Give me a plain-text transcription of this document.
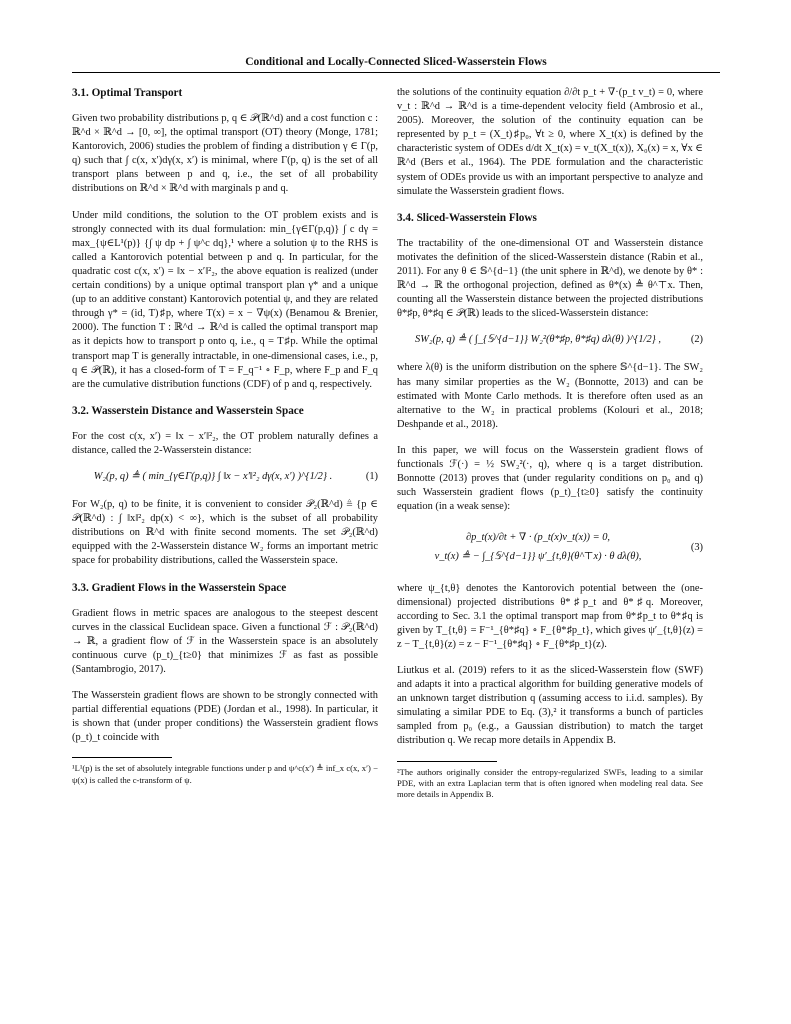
Conditional and Locally-Connected Sliced-Wasserstein Flows
3.1. Optimal Transport

Given two probability distributions p, q ∈ 𝒫(ℝ^d) and a cost function c : ℝ^d × ℝ^d → [0, ∞], the optimal transport (OT) theory (Monge, 1781; Kantorovich, 2006) studies the problem of finding a distribution γ ∈ Γ(p, q) such that ∫ c(x, x′)dγ(x, x′) is minimal, where Γ(p, q) is the set of all transport plans between p and q, i.e., the set of all probability distributions on ℝ^d × ℝ^d with marginals p and q.

Under mild conditions, the solution to the OT problem exists and is strongly connected with its dual formulation: min_{γ∈Γ(p,q)} ∫ c dγ = max_{ψ∈L¹(p)} {∫ ψ dp + ∫ ψ^c dq},¹ where a solution ψ to the RHS is called a Kantorovich potential between p and q. In particular, for the quadratic cost c(x, x′) = ‖x − x′‖²₂, the above equation is realized (under certain conditions) by a unique optimal transport plan γ* and a unique (up to an additive constant) Kantorovich potential ψ, and they are related through γ* = (id, T)♯p, where T(x) = x − ∇ψ(x) (Benamou & Brenier, 2000). The function T : ℝ^d → ℝ^d is called the optimal transport map as it depicts how to transport p onto q, i.e., q = T♯p. While the optimal transport map T is generally intractable, in one-dimensional cases, i.e., p, q ∈ 𝒫(ℝ), it has a closed-form of T = F_q⁻¹ ∘ F_p, where F_p and F_q are the cumulative distribution functions (CDF) of p and q, respectively.

3.2. Wasserstein Distance and Wasserstein Space

For the cost c(x, x′) = ‖x − x′‖²₂, the OT problem naturally defines a distance, called the 2-Wasserstein distance:

W₂(p, q) ≜ ( min_{γ∈Γ(p,q)} ∫ ‖x − x′‖²₂ dγ(x, x′) )^{1/2} .	(1)

For W₂(p, q) to be finite, it is convenient to consider 𝒫₂(ℝ^d) ≜ {p ∈ 𝒫(ℝ^d) : ∫ ‖x‖²₂ dp(x) < ∞}, which is the subset of all probability distributions on ℝ^d with finite second moments. The set 𝒫₂(ℝ^d) equipped with the 2-Wasserstein distance W₂ forms an important metric space for probability distributions, called the Wasserstein space.

3.3. Gradient Flows in the Wasserstein Space

Gradient flows in metric spaces are analogous to the steepest descent curves in the classical Euclidean space. Given a functional ℱ : 𝒫₂(ℝ^d) → ℝ, a gradient flow of ℱ in the Wasserstein space is an absolutely continuous curve (p_t)_{t≥0} that minimizes ℱ as fast as possible (Santambrogio, 2017).

The Wasserstein gradient flows are shown to be strongly connected with partial differential equations (PDE) (Jordan et al., 1998). In particular, it is shown that (under proper conditions) the Wasserstein gradient flows (p_t)_t coincide with

¹L¹(p) is the set of absolutely integrable functions under p and ψ^c(x′) ≜ inf_x c(x, x′) − ψ(x) is called the c-transform of ψ.

the solutions of the continuity equation ∂/∂t p_t + ∇·(p_t v_t) = 0, where v_t : ℝ^d → ℝ^d is a time-dependent velocity field (Ambrosio et al., 2005). Moreover, the solution of the continuity equation can be represented by p_t = (X_t)♯p₀, ∀t ≥ 0, where X_t(x) is defined by the characteristic system of ODEs d/dt X_t(x) = v_t(X_t(x)), X₀(x) = x, ∀x ∈ ℝ^d (Bers et al., 1964). The PDE formulation and the characteristic system of ODEs provide us with an important perspective to analyze and simulate the Wasserstein gradient flows.

3.4. Sliced-Wasserstein Flows

The tractability of the one-dimensional OT and Wasserstein distance motivates the definition of the sliced-Wasserstein distance (Rabin et al., 2011). For any θ ∈ 𝕊^{d−1} (the unit sphere in ℝ^d), we denote by θ* : ℝ^d → ℝ the orthogonal projection, defined as θ*(x) ≜ θ^⊤x. Then, counting all the Wasserstein distance between the projected distributions θ*♯p, θ*♯q ∈ 𝒫(ℝ) leads to the sliced-Wasserstein distance:

SW₂(p, q) ≜ ( ∫_{𝕊^{d−1}} W₂²(θ*♯p, θ*♯q) dλ(θ) )^{1/2} ,	(2)

where λ(θ) is the uniform distribution on the sphere 𝕊^{d−1}. The SW₂ has many similar properties as the W₂ (Bonnotte, 2013) and can be estimated with Monte Carlo methods. It is therefore often used as an alternative to the W₂ in practical problems (Kolouri et al., 2018; Deshpande et al., 2018).

In this paper, we will focus on the Wasserstein gradient flows of functionals ℱ(·) = ½ SW₂²(·, q), where q is a target distribution. Bonnotte (2013) proves that (under regularity conditions on p₀ and q) such Wasserstein gradient flows (p_t)_{t≥0} satisfy the continuity equation (in a weak sense):

∂p_t(x)/∂t + ∇ · (p_t(x)v_t(x)) = 0,
v_t(x) ≜ − ∫_{𝕊^{d−1}} ψ′_{t,θ}(θ^⊤x) · θ dλ(θ),
(3)

where ψ_{t,θ} denotes the Kantorovich potential between the (one-dimensional) projected distributions θ*♯p_t and θ*♯q. Moreover, according to Sec. 3.1 the optimal transport map from θ*♯p_t to θ*♯q is given by T_{t,θ} = F⁻¹_{θ*♯q} ∘ F_{θ*♯p_t}, which gives ψ′_{t,θ}(z) = z − T_{t,θ}(z) = z − F⁻¹_{θ*♯q} ∘ F_{θ*♯p_t}(z).

Liutkus et al. (2019) refers to it as the sliced-Wasserstein flow (SWF) and adapts it into a practical algorithm for building generative models of an unknown target distribution q (assuming access to i.i.d. samples). By simulating a similar PDE to Eq. (3),² it transforms a bunch of particles sampled from p₀ (e.g., a Gaussian distribution) to match the target distribution q. We recap more details in Appendix B.

²The authors originally consider the entropy-regularized SWFs, leading to a similar PDE, with an extra Laplacian term that is often ignored when modeling real data. See more details in Appendix B.
